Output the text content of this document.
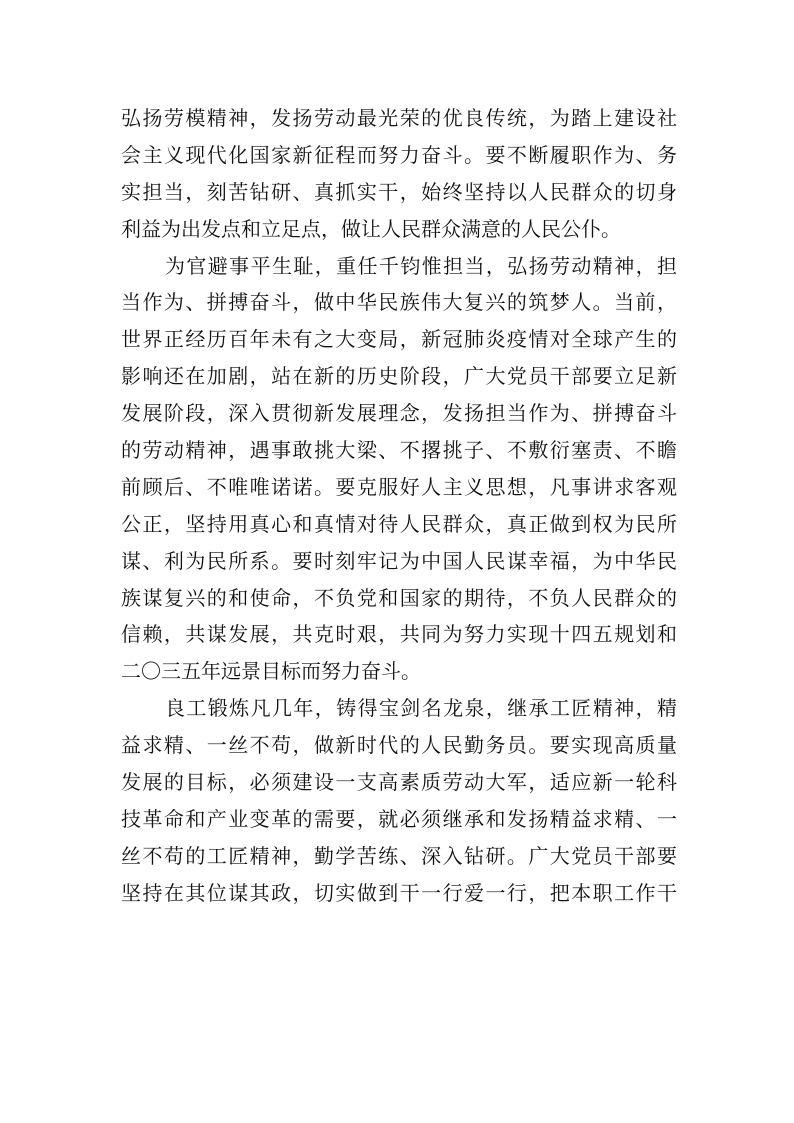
弘扬劳模精神，发扬劳动最光荣的优良传统，为踏上建设社
会主义现代化国家新征程而努力奋斗。要不断履职作为、务
实担当，刻苦钻研、真抓实干，始终坚持以人民群众的切身
利益为出发点和立足点，做让人民群众满意的人民公仆。
为官避事平生耻，重任千钧惟担当，弘扬劳动精神，担
当作为、拼搏奋斗，做中华民族伟大复兴的筑梦人。当前，
世界正经历百年未有之大变局，新冠肺炎疫情对全球产生的
影响还在加剧，站在新的历史阶段，广大党员干部要立足新
发展阶段，深入贯彻新发展理念，发扬担当作为、拼搏奋斗
的劳动精神，遇事敢挑大梁、不撂挑子、不敷衍塞责、不瞻
前顾后、不唯唯诺诺。要克服好人主义思想，凡事讲求客观
公正，坚持用真心和真情对待人民群众，真正做到权为民所
谋、利为民所系。要时刻牢记为中国人民谋幸福，为中华民
族谋复兴的和使命，不负党和国家的期待，不负人民群众的
信赖，共谋发展，共克时艰，共同为努力实现十四五规划和
二〇三五年远景目标而努力奋斗。
良工锻炼凡几年，铸得宝剑名龙泉，继承工匠精神，精
益求精、一丝不苟，做新时代的人民勤务员。要实现高质量
发展的目标，必须建设一支高素质劳动大军，适应新一轮科
技革命和产业变革的需要，就必须继承和发扬精益求精、一
丝不苟的工匠精神，勤学苦练、深入钻研。广大党员干部要
坚持在其位谋其政，切实做到干一行爱一行，把本职工作干
